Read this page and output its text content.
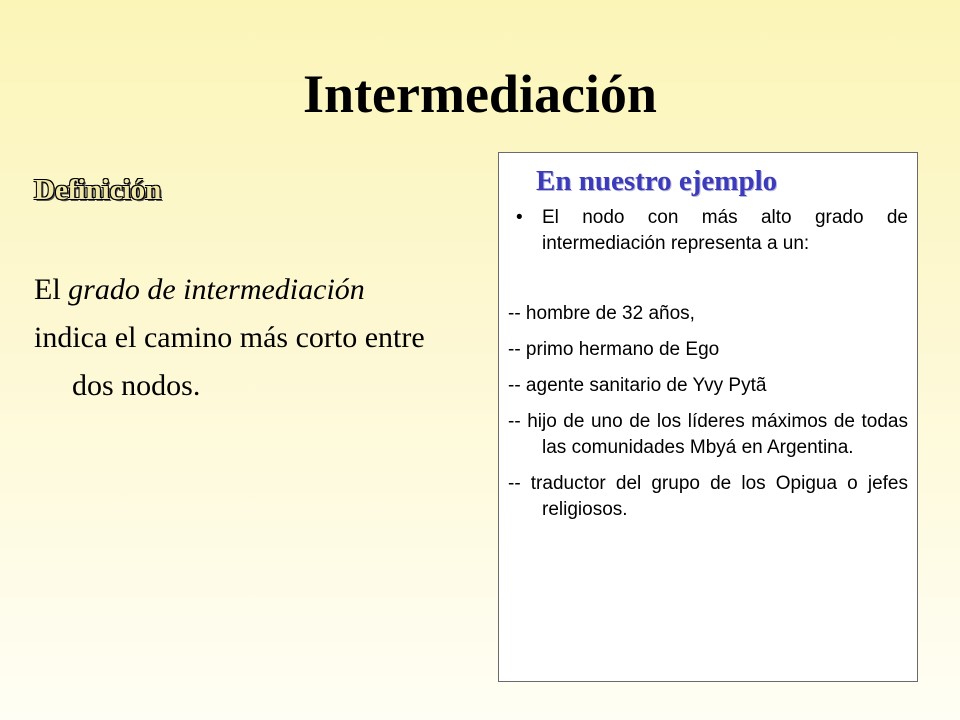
Intermediación
Definición
El grado de intermediación
indica el camino más corto entre dos nodos.
En nuestro ejemplo
• El nodo con más alto grado de intermediación representa a un:
-- hombre de 32 años,
-- primo hermano de Ego
-- agente sanitario de Yvy Pytã
-- hijo de uno de los líderes máximos de todas las comunidades Mbyá en Argentina.
-- traductor del grupo de los Opigua o jefes religiosos.
